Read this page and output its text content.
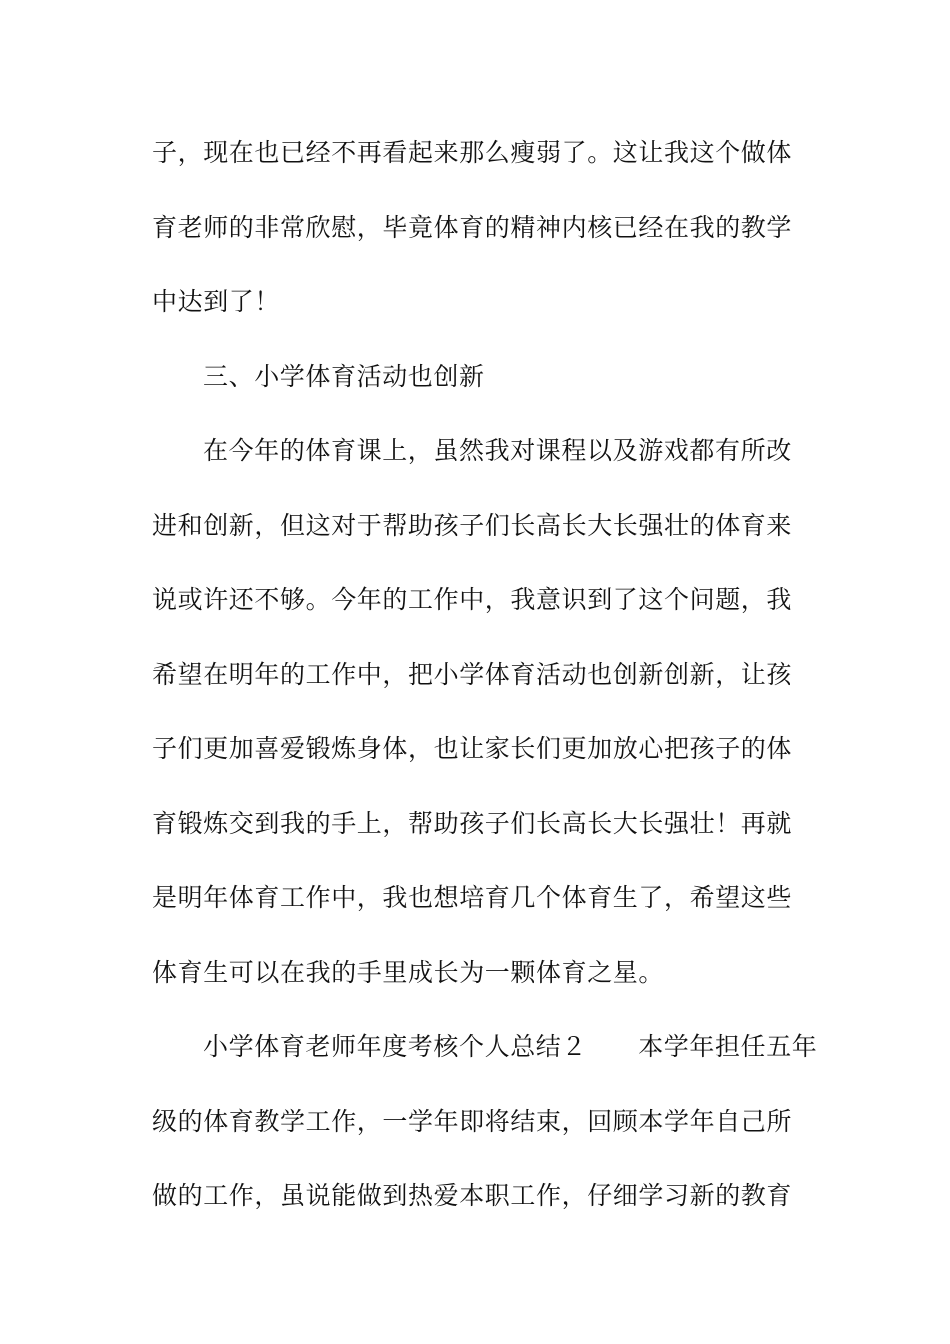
子，现在也已经不再看起来那么瘦弱了。这让我这个做体
育老师的非常欣慰，毕竟体育的精神内核已经在我的教学
中达到了！
三、小学体育活动也创新
在今年的体育课上，虽然我对课程以及游戏都有所改
进和创新，但这对于帮助孩子们长高长大长强壮的体育来
说或许还不够。今年的工作中，我意识到了这个问题，我
希望在明年的工作中，把小学体育活动也创新创新，让孩
子们更加喜爱锻炼身体，也让家长们更加放心把孩子的体
育锻炼交到我的手上，帮助孩子们长高长大长强壮！再就
是明年体育工作中，我也想培育几个体育生了，希望这些
体育生可以在我的手里成长为一颗体育之星。
小学体育老师年度考核个人总结２　　本学年担任五年
级的体育教学工作，一学年即将结束，回顾本学年自己所
做的工作，虽说能做到热爱本职工作，仔细学习新的教育
